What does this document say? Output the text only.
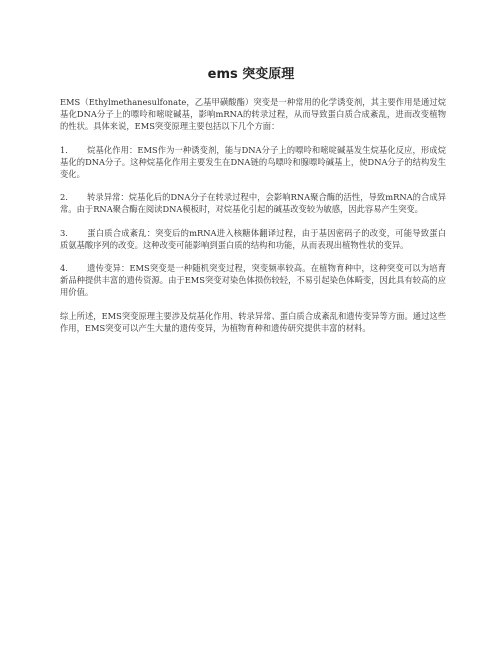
ems 突变原理

EMS（Ethylmethanesulfonate，乙基甲磺酸酯）突变是一种常用的化学诱变剂，其主要作用是通过烷基化DNA分子上的嘌呤和嘧啶碱基，影响mRNA的转录过程，从而导致蛋白质合成紊乱，进而改变植物的性状。具体来说，EMS突变原理主要包括以下几个方面：

1. 烷基化作用：EMS作为一种诱变剂，能与DNA分子上的嘌呤和嘧啶碱基发生烷基化反应，形成烷基化的DNA分子。这种烷基化作用主要发生在DNA链的鸟嘌呤和腺嘌呤碱基上，使DNA分子的结构发生变化。

2. 转录异常：烷基化后的DNA分子在转录过程中，会影响RNA聚合酶的活性，导致mRNA的合成异常。由于RNA聚合酶在阅读DNA模板时，对烷基化引起的碱基改变较为敏感，因此容易产生突变。

3. 蛋白质合成紊乱：突变后的mRNA进入核糖体翻译过程，由于基因密码子的改变，可能导致蛋白质氨基酸序列的改变。这种改变可能影响到蛋白质的结构和功能，从而表现出植物性状的变异。

4. 遗传变异：EMS突变是一种随机突变过程，突变频率较高。在植物育种中，这种突变可以为培育新品种提供丰富的遗传资源。由于EMS突变对染色体损伤较轻，不易引起染色体畸变，因此具有较高的应用价值。

综上所述，EMS突变原理主要涉及烷基化作用、转录异常、蛋白质合成紊乱和遗传变异等方面。通过这些作用，EMS突变可以产生大量的遗传变异，为植物育种和遗传研究提供丰富的材料。
